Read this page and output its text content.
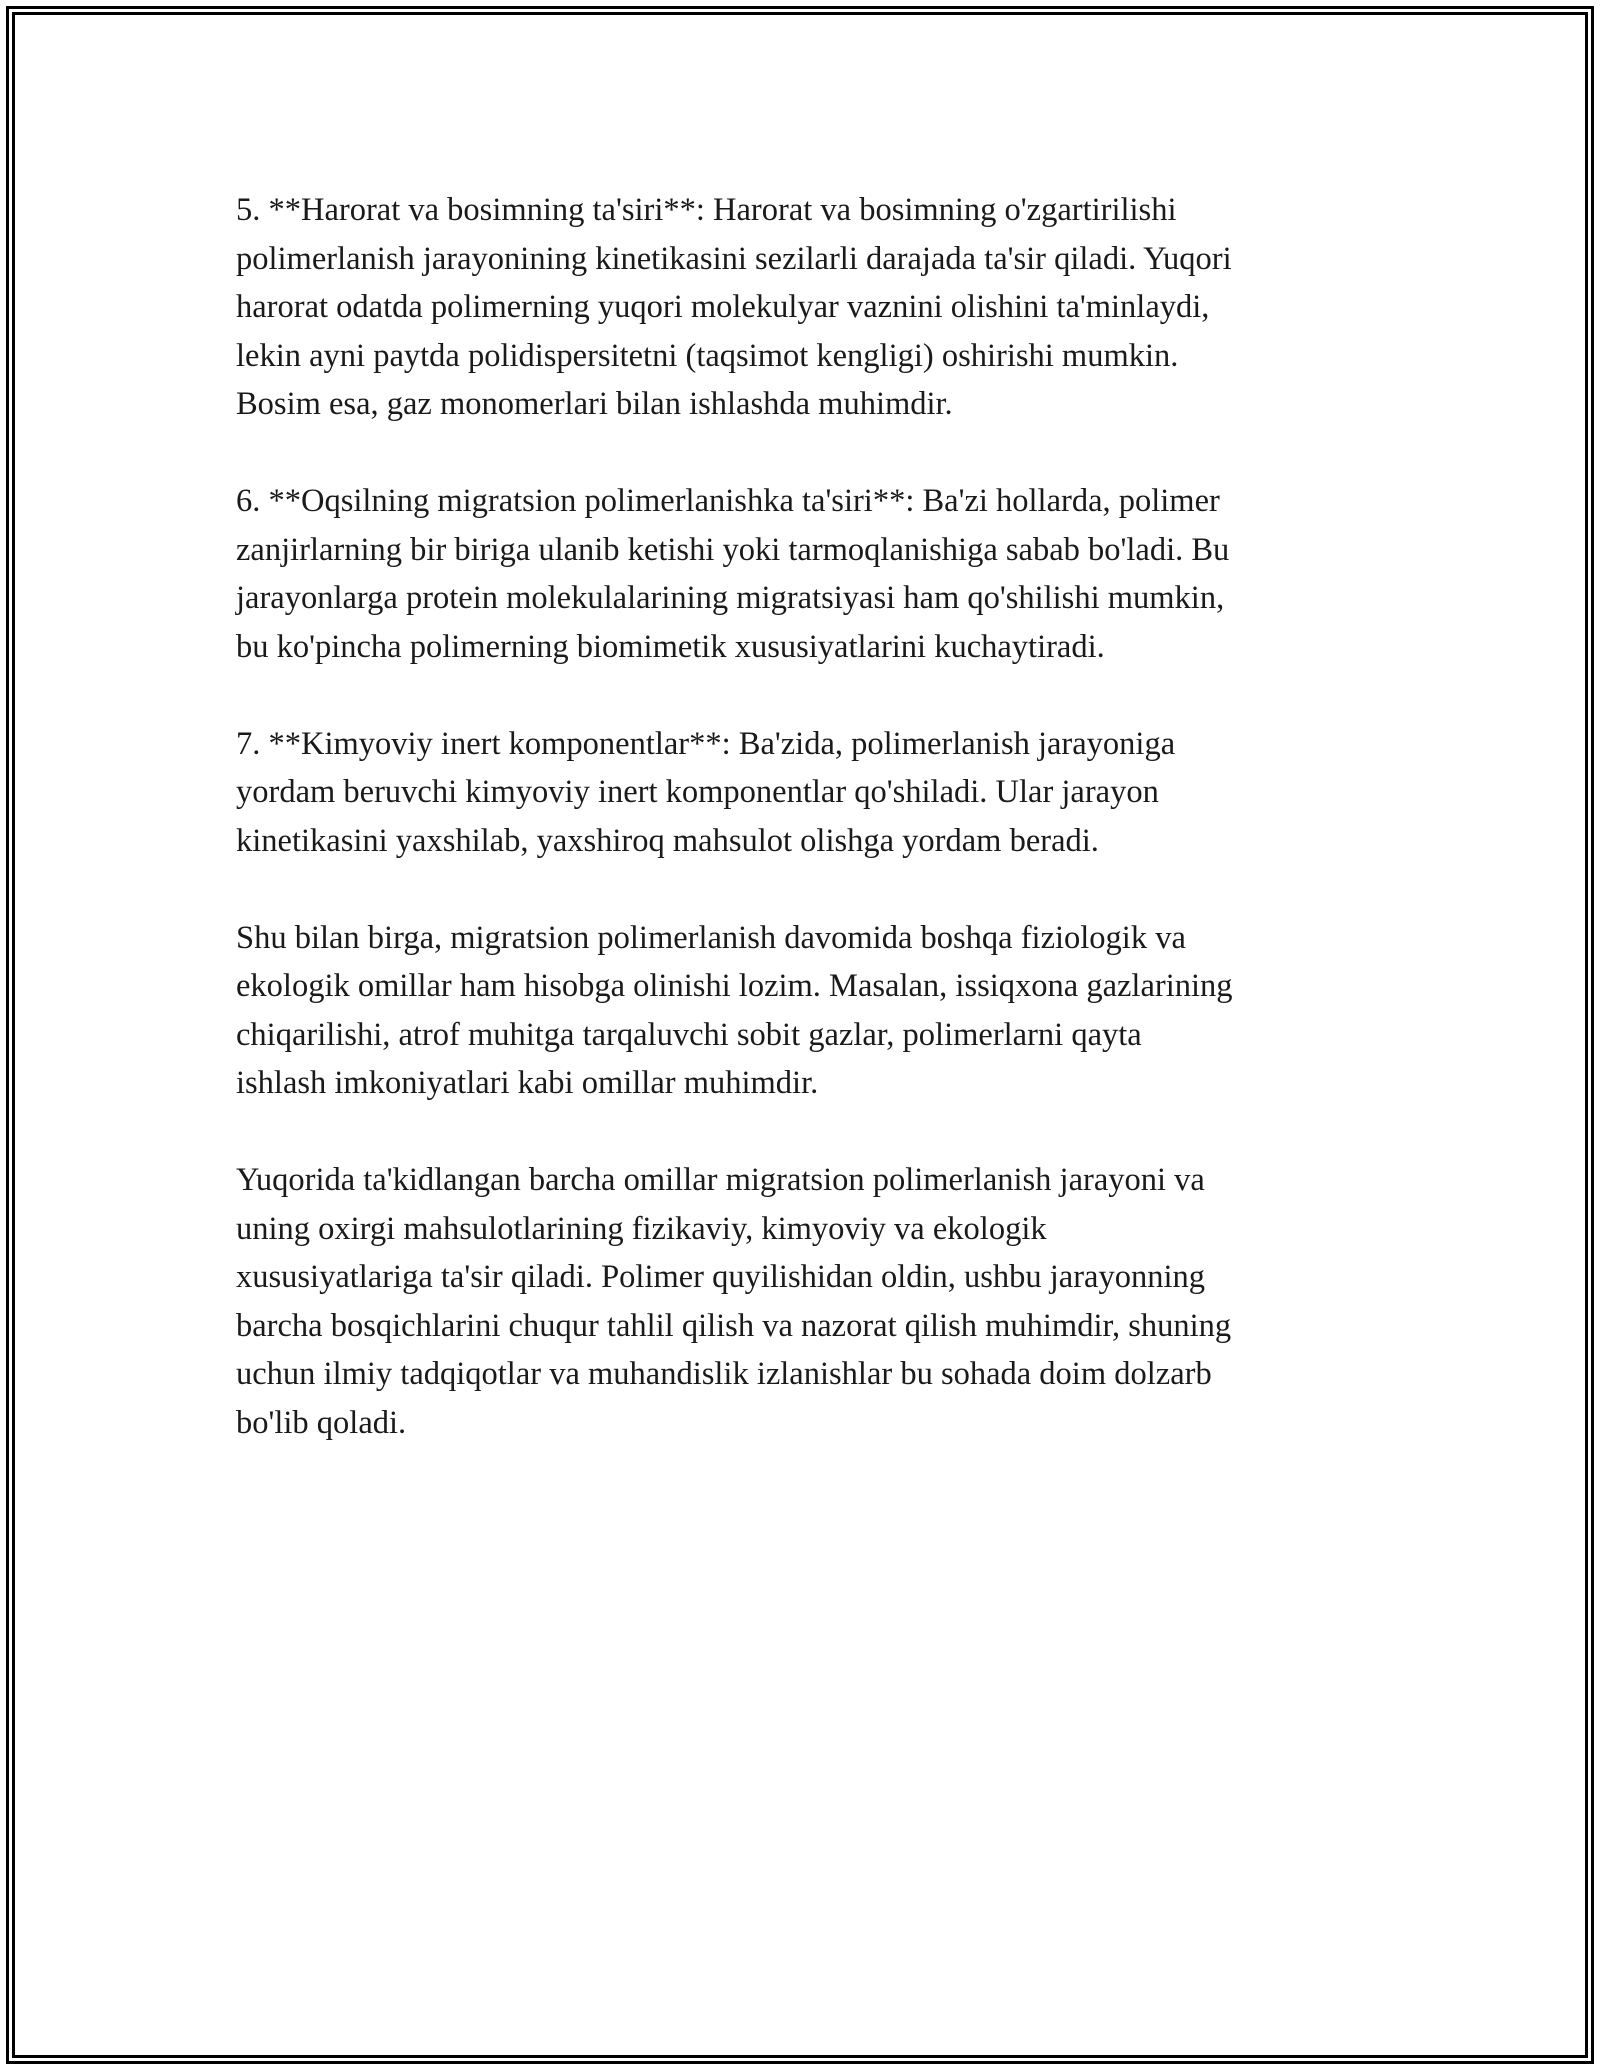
5. **Harorat va bosimning ta'siri**: Harorat va bosimning o'zgartirilishi
polimerlanish jarayonining kinetikasini sezilarli darajada ta'sir qiladi. Yuqori
harorat odatda polimerning yuqori molekulyar vaznini olishini ta'minlaydi,
lekin ayni paytda polidispersitetni (taqsimot kengligi) oshirishi mumkin.
Bosim esa, gaz monomerlari bilan ishlashda muhimdir.

6. **Oqsilning migratsion polimerlanishka ta'siri**: Ba'zi hollarda, polimer
zanjirlarning bir biriga ulanib ketishi yoki tarmoqlanishiga sabab bo'ladi. Bu
jarayonlarga protein molekulalarining migratsiyasi ham qo'shilishi mumkin,
bu ko'pincha polimerning biomimetik xususiyatlarini kuchaytiradi.

7. **Kimyoviy inert komponentlar**: Ba'zida, polimerlanish jarayoniga
yordam beruvchi kimyoviy inert komponentlar qo'shiladi. Ular jarayon
kinetikasini yaxshilab, yaxshiroq mahsulot olishga yordam beradi.

Shu bilan birga, migratsion polimerlanish davomida boshqa fiziologik va
ekologik omillar ham hisobga olinishi lozim. Masalan, issiqxona gazlarining
chiqarilishi, atrof muhitga tarqaluvchi sobit gazlar, polimerlarni qayta
ishlash imkoniyatlari kabi omillar muhimdir.

Yuqorida ta'kidlangan barcha omillar migratsion polimerlanish jarayoni va
uning oxirgi mahsulotlarining fizikaviy, kimyoviy va ekologik
xususiyatlariga ta'sir qiladi. Polimer quyilishidan oldin, ushbu jarayonning
barcha bosqichlarini chuqur tahlil qilish va nazorat qilish muhimdir, shuning
uchun ilmiy tadqiqotlar va muhandislik izlanishlar bu sohada doim dolzarb
bo'lib qoladi.
